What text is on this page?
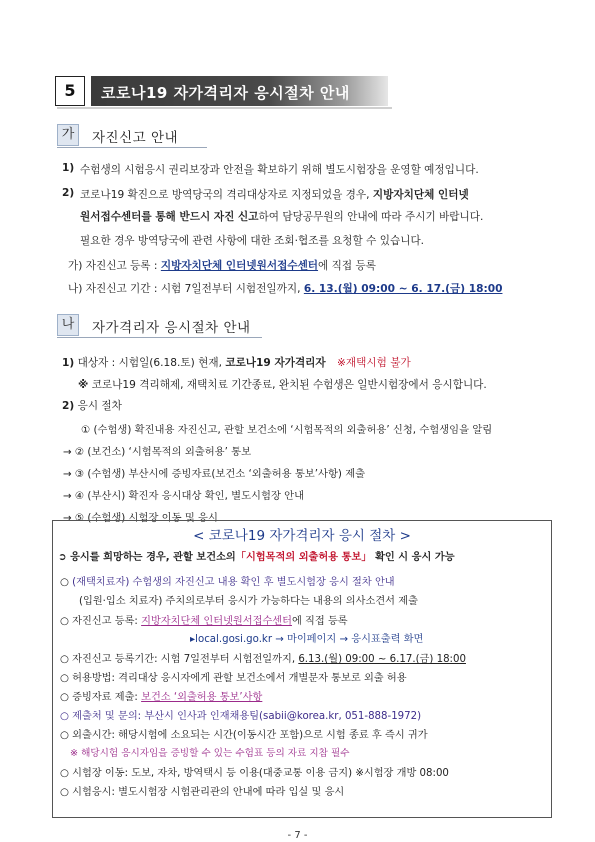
5	코로나19 자가격리자 응시절차 안내
가	자진신고 안내
1) 수험생의 시험응시 권리보장과 안전을 확보하기 위해 별도시험장을 운영할 예정입니다.
2) 코로나19 확진으로 방역당국의 격리대상자로 지정되었을 경우, 지방자치단체 인터넷
원서접수센터를 통해 반드시 자진 신고하여 담당공무원의 안내에 따라 주시기 바랍니다.
필요한 경우 방역당국에 관련 사항에 대한 조회·협조를 요청할 수 있습니다.
가) 자진신고 등록 : 지방자치단체 인터넷원서접수센터에 직접 등록
나) 자진신고 기간 : 시험 7일전부터 시험전일까지, 6. 13.(월) 09:00 ~ 6. 17.(금) 18:00
나	자가격리자 응시절차 안내
1) 대상자 : 시험일(6.18.토) 현재, 코로나19 자가격리자 ※재택시험 불가
※ 코로나19 격리해제, 재택치료 기간종료, 완치된 수험생은 일반시험장에서 응시합니다.
2) 응시 절차
① (수험생) 확진내용 자진신고, 관할 보건소에 ‘시험목적의 외출허용’ 신청, 수험생임을 알림
→ ② (보건소) ‘시험목적의 외출허용’ 통보
→ ③ (수험생) 부산시에 증빙자료(보건소 ‘외출허용 통보’사항) 제출
→ ④ (부산시) 확진자 응시대상 확인, 별도시험장 안내
→ ⑤ (수험생) 시험장 이동 및 응시
< 코로나19 자가격리자 응시 절차 >
➲ 응시를 희망하는 경우, 관할 보건소의「시험목적의 외출허용 통보」 확인 시 응시 가능
○ (재택치료자) 수험생의 자진신고 내용 확인 후 별도시험장 응시 절차 안내
(입원·입소 치료자) 주치의로부터 응시가 가능하다는 내용의 의사소견서 제출
○ 자진신고 등록: 지방자치단체 인터넷원서접수센터에 직접 등록
▸local.gosi.go.kr → 마이페이지 → 응시표출력 화면
○ 자진신고 등록기간: 시험 7일전부터 시험전일까지, 6.13.(월) 09:00 ~ 6.17.(금) 18:00
○ 허용방법: 격리대상 응시자에게 관할 보건소에서 개별문자 통보로 외출 허용
○ 증빙자료 제출: 보건소 ‘외출허용 통보’사항
○ 제출처 및 문의: 부산시 인사과 인재채용팀(sabii@korea.kr, 051-888-1972)
○ 외출시간: 해당시험에 소요되는 시간(이동시간 포함)으로 시험 종료 후 즉시 귀가
※ 해당시험 응시자임을 증빙할 수 있는 수험표 등의 자료 지참 필수
○ 시험장 이동: 도보, 자차, 방역택시 등 이용(대중교통 이용 금지) ※시험장 개방 08:00
○ 시험응시: 별도시험장 시험관리관의 안내에 따라 입실 및 응시
- 7 -
